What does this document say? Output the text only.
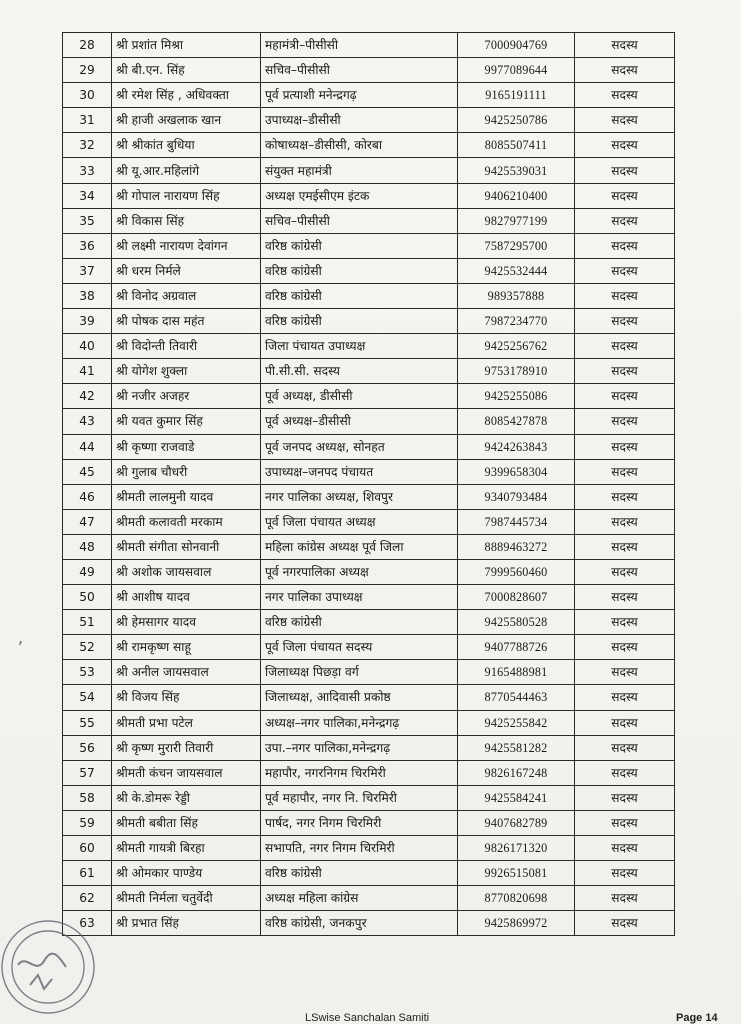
28	श्री प्रशांत मिश्रा	महामंत्री–पीसीसी	7000904769	सदस्य
29	श्री बी.एन. सिंह	सचिव–पीसीसी	9977089644	सदस्य
30	श्री रमेश सिंह , अधिवक्ता	पूर्व प्रत्याशी मनेन्द्रगढ़	9165191111	सदस्य
31	श्री हाजी अखलाक खान	उपाध्यक्ष–डीसीसी	9425250786	सदस्य
32	श्री श्रीकांत बुधिया	कोषाध्यक्ष–डीसीसी, कोरबा	8085507411	सदस्य
33	श्री यू.आर.महिलांगे	संयुक्त महामंत्री	9425539031	सदस्य
34	श्री गोपाल नारायण सिंह	अध्यक्ष एमईसीएम इंटक	9406210400	सदस्य
35	श्री विकास सिंह	सचिव–पीसीसी	9827977199	सदस्य
36	श्री लक्ष्मी नारायण देवांगन	वरिष्ठ कांग्रेसी	7587295700	सदस्य
37	श्री धरम निर्मले	वरिष्ठ कांग्रेसी	9425532444	सदस्य
38	श्री विनोद अग्रवाल	वरिष्ठ कांग्रेसी	989357888	सदस्य
39	श्री पोषक दास महंत	वरिष्ठ कांग्रेसी	7987234770	सदस्य
40	श्री विदोन्ती तिवारी	जिला पंचायत उपाध्यक्ष	9425256762	सदस्य
41	श्री योगेश शुक्ला	पी.सी.सी. सदस्य	9753178910	सदस्य
42	श्री नजीर अजहर	पूर्व अध्यक्ष, डीसीसी	9425255086	सदस्य
43	श्री यवत कुमार सिंह	पूर्व अध्यक्ष–डीसीसी	8085427878	सदस्य
44	श्री कृष्णा राजवाडे	पूर्व जनपद अध्यक्ष, सोनहत	9424263843	सदस्य
45	श्री गुलाब चौधरी	उपाध्यक्ष–जनपद पंचायत	9399658304	सदस्य
46	श्रीमती लालमुनी यादव	नगर पालिका अध्यक्ष, शिवपुर	9340793484	सदस्य
47	श्रीमती कलावती मरकाम	पूर्व जिला पंचायत अध्यक्ष	7987445734	सदस्य
48	श्रीमती संगीता सोनवानी	महिला कांग्रेस अध्यक्ष पूर्व जिला	8889463272	सदस्य
49	श्री अशोक जायसवाल	पूर्व नगरपालिका अध्यक्ष	7999560460	सदस्य
50	श्री आशीष यादव	नगर पालिका उपाध्यक्ष	7000828607	सदस्य
51	श्री हेमसागर यादव	वरिष्ठ कांग्रेसी	9425580528	सदस्य
52	श्री रामकृष्ण साहू	पूर्व जिला पंचायत सदस्य	9407788726	सदस्य
53	श्री अनील जायसवाल	जिलाध्यक्ष पिछड़ा वर्ग	9165488981	सदस्य
54	श्री विजय सिंह	जिलाध्यक्ष, आदिवासी प्रकोष्ठ	8770544463	सदस्य
55	श्रीमती प्रभा पटेल	अध्यक्ष–नगर पालिका,मनेन्द्रगढ़	9425255842	सदस्य
56	श्री कृष्ण मुरारी तिवारी	उपा.–नगर पालिका,मनेन्द्रगढ़	9425581282	सदस्य
57	श्रीमती कंचन जायसवाल	महापौर, नगरनिगम चिरमिरी	9826167248	सदस्य
58	श्री के.डोमरू रेड्डी	पूर्व महापौर, नगर नि. चिरमिरी	9425584241	सदस्य
59	श्रीमती बबीता सिंह	पार्षद, नगर निगम चिरमिरी	9407682789	सदस्य
60	श्रीमती गायत्री बिरहा	सभापति, नगर निगम चिरमिरी	9826171320	सदस्य
61	श्री ओमकार पाण्डेय	वरिष्ठ कांग्रेसी	9926515081	सदस्य
62	श्रीमती निर्मला चतुर्वेदी	अध्यक्ष महिला कांग्रेस	8770820698	सदस्य
63	श्री प्रभात सिंह	वरिष्ठ कांग्रेसी, जनकपुर	9425869972	सदस्य
,
LSwise Sanchalan Samiti	Page 14
